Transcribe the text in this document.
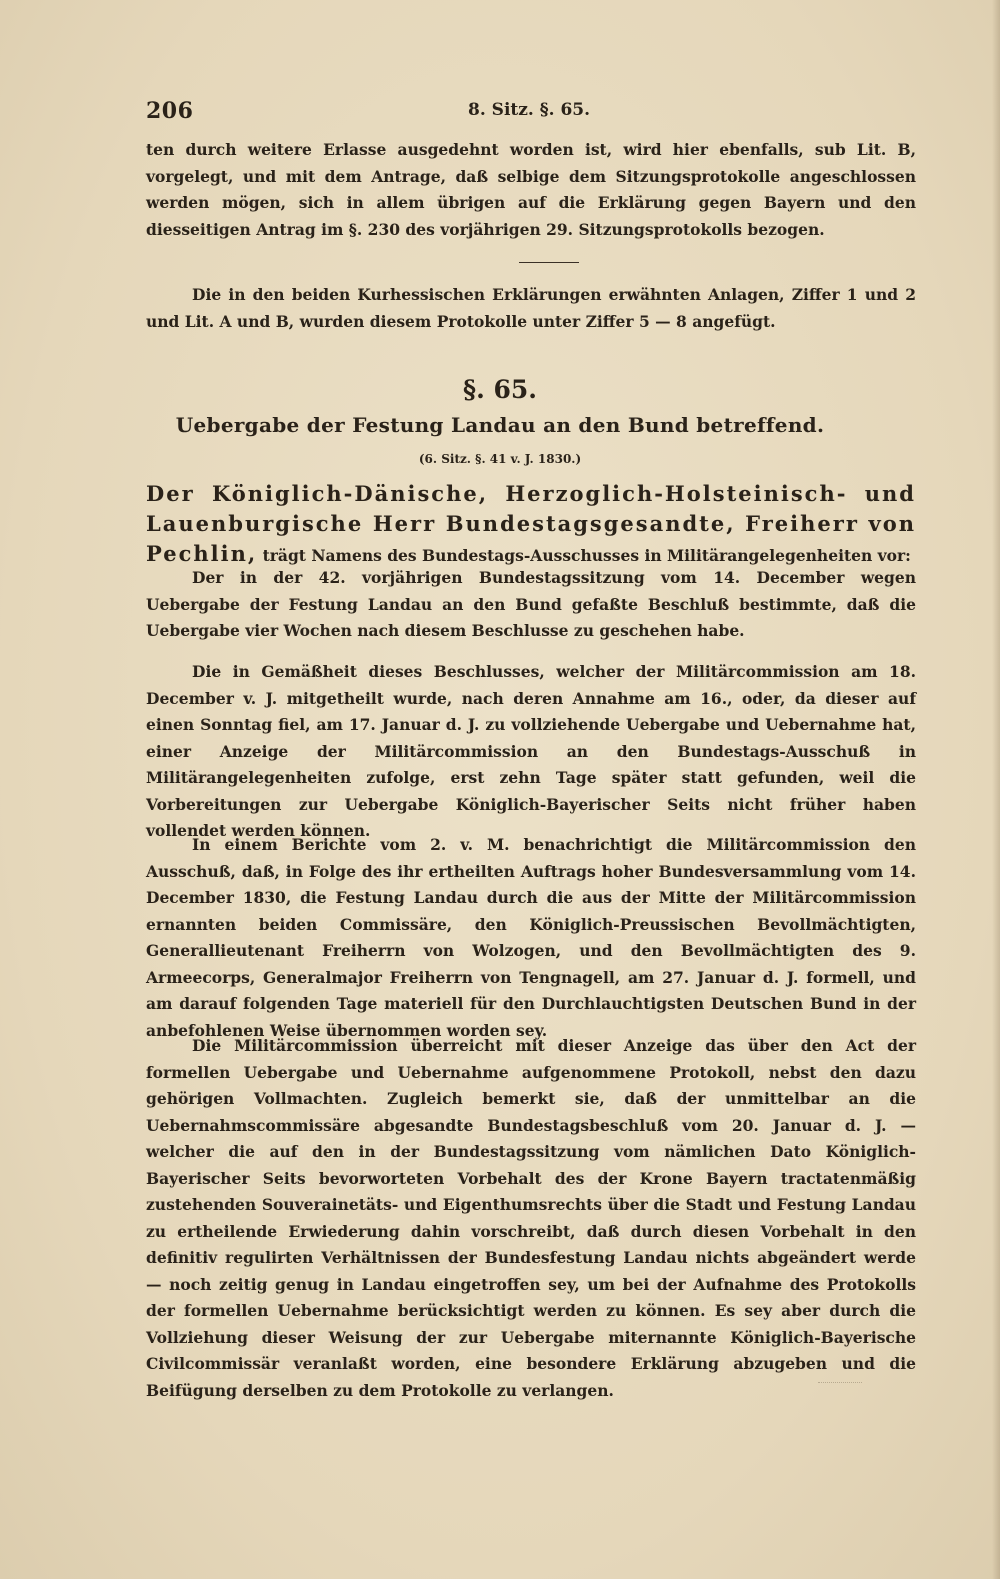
206	8. Sitz. §. 65.
ten durch weitere Erlasse ausgedehnt worden ist, wird hier ebenfalls, sub Lit. B, vorgelegt, und mit dem Antrage, daß selbige dem Sitzungsprotokolle angeschlossen werden mögen, sich in allem übrigen auf die Erklärung gegen Bayern und den diesseitigen Antrag im §. 230 des vorjährigen 29. Sitzungsprotokolls bezogen.
Die in den beiden Kurhessischen Erklärungen erwähnten Anlagen, Ziffer 1 und 2 und Lit. A und B, wurden diesem Protokolle unter Ziffer 5 — 8 angefügt.
§. 65.
Uebergabe der Festung Landau an den Bund betreffend.
(6. Sitz. §. 41 v. J. 1830.)
Der Königlich-Dänische, Herzoglich-Holsteinisch- und Lauenburgische Herr Bundestagsgesandte, Freiherr von Pechlin, trägt Namens des Bundestags-Ausschusses in Militärangelegenheiten vor:
Der in der 42. vorjährigen Bundestagssitzung vom 14. December wegen Uebergabe der Festung Landau an den Bund gefaßte Beschluß bestimmte, daß die Uebergabe vier Wochen nach diesem Beschlusse zu geschehen habe.
Die in Gemäßheit dieses Beschlusses, welcher der Militärcommission am 18. December v. J. mitgetheilt wurde, nach deren Annahme am 16., oder, da dieser auf einen Sonntag fiel, am 17. Januar d. J. zu vollziehende Uebergabe und Uebernahme hat, einer Anzeige der Militärcommission an den Bundestags-Ausschuß in Militärangelegenheiten zufolge, erst zehn Tage später statt gefunden, weil die Vorbereitungen zur Uebergabe Königlich-Bayerischer Seits nicht früher haben vollendet werden können.
In einem Berichte vom 2. v. M. benachrichtigt die Militärcommission den Ausschuß, daß, in Folge des ihr ertheilten Auftrags hoher Bundesversammlung vom 14. December 1830, die Festung Landau durch die aus der Mitte der Militärcommission ernannten beiden Commissäre, den Königlich-Preussischen Bevollmächtigten, Generallieutenant Freiherrn von Wolzogen, und den Bevollmächtigten des 9. Armeecorps, Generalmajor Freiherrn von Tengnagell, am 27. Januar d. J. formell, und am darauf folgenden Tage materiell für den Durchlauchtigsten Deutschen Bund in der anbefohlenen Weise übernommen worden sey.
Die Militärcommission überreicht mit dieser Anzeige das über den Act der formellen Uebergabe und Uebernahme aufgenommene Protokoll, nebst den dazu gehörigen Vollmachten. Zugleich bemerkt sie, daß der unmittelbar an die Uebernahmscommissäre abgesandte Bundestagsbeschluß vom 20. Januar d. J. — welcher die auf den in der Bundestagssitzung vom nämlichen Dato Königlich-Bayerischer Seits bevorworteten Vorbehalt des der Krone Bayern tractatenmäßig zustehenden Souverainetäts- und Eigenthumsrechts über die Stadt und Festung Landau zu ertheilende Erwiederung dahin vorschreibt, daß durch diesen Vorbehalt in den definitiv regulirten Verhältnissen der Bundesfestung Landau nichts abgeändert werde — noch zeitig genug in Landau eingetroffen sey, um bei der Aufnahme des Protokolls der formellen Uebernahme berücksichtigt werden zu können. Es sey aber durch die Vollziehung dieser Weisung der zur Uebergabe miternannte Königlich-Bayerische Civilcommissär veranlaßt worden, eine besondere Erklärung abzugeben und die Beifügung derselben zu dem Protokolle zu verlangen.
